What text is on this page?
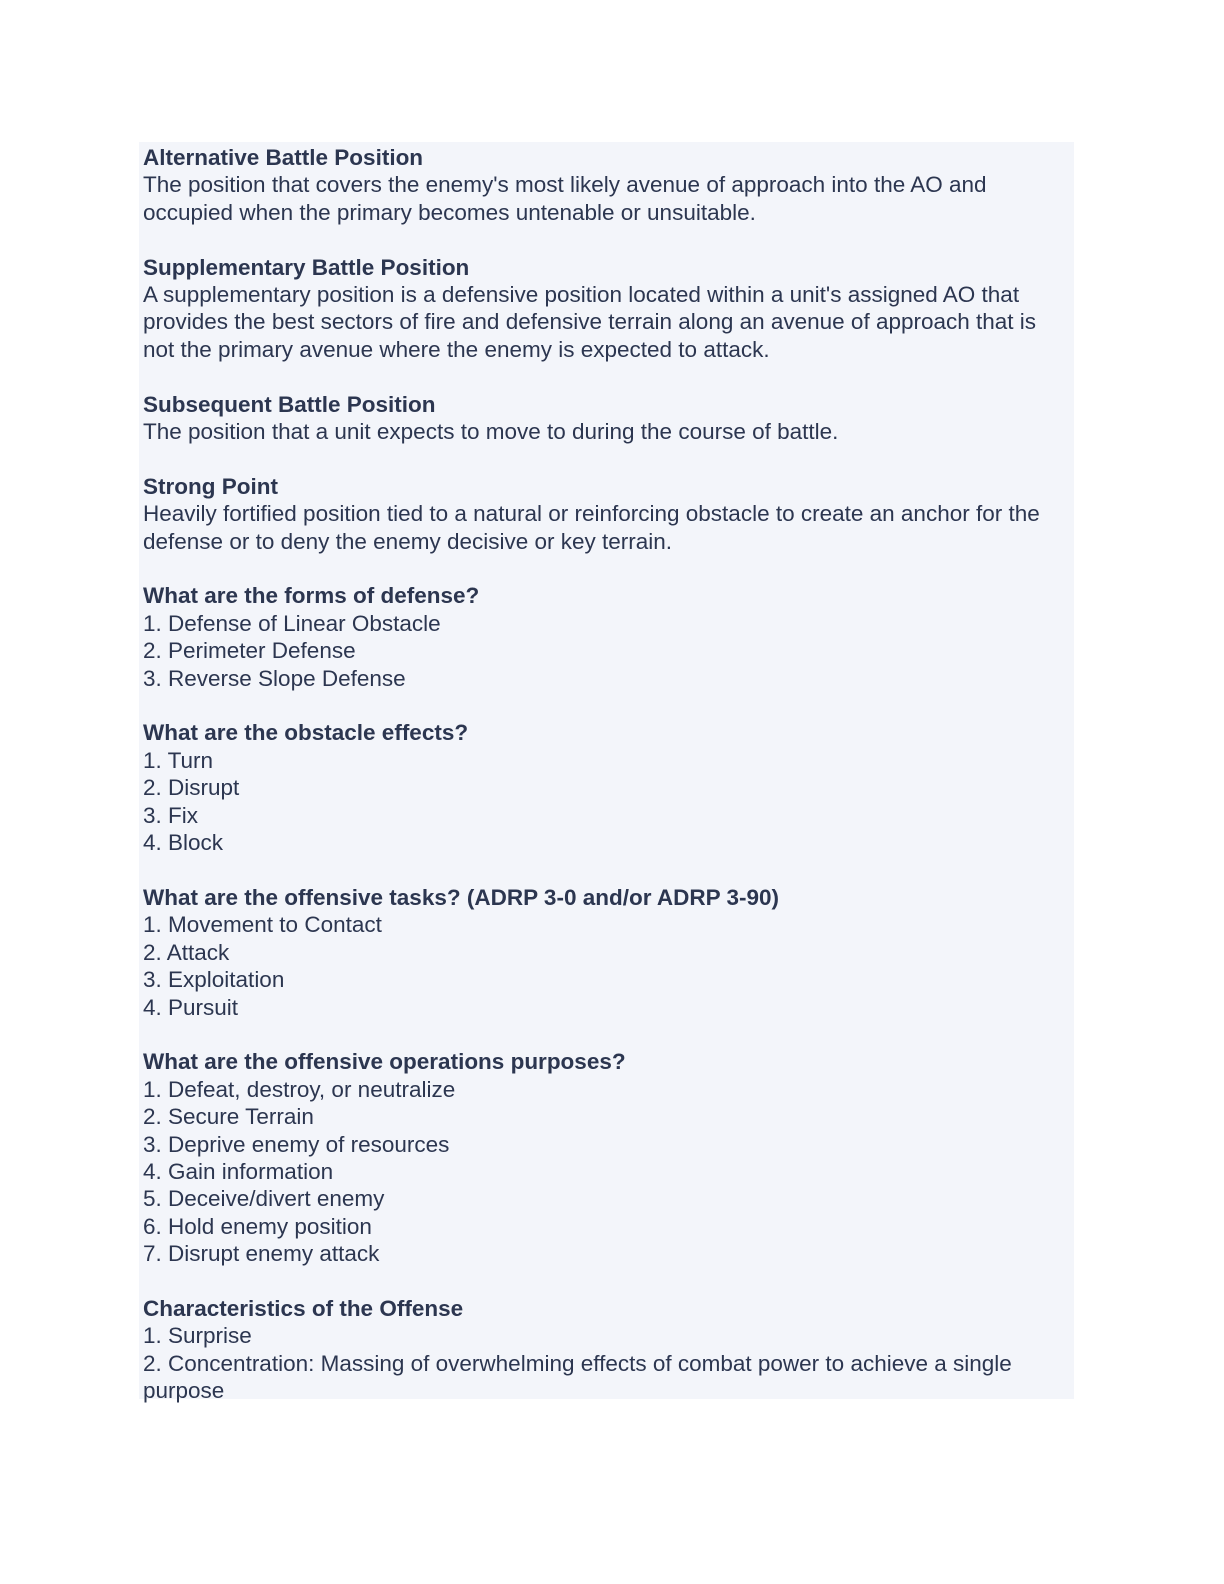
Alternative Battle Position

The position that covers the enemy's most likely avenue of approach into the AO and occupied when the primary becomes untenable or unsuitable.

Supplementary Battle Position

A supplementary position is a defensive position located within a unit's assigned AO that provides the best sectors of fire and defensive terrain along an avenue of approach that is not the primary avenue where the enemy is expected to attack.

Subsequent Battle Position

The position that a unit expects to move to during the course of battle.

Strong Point

Heavily fortified position tied to a natural or reinforcing obstacle to create an anchor for the defense or to deny the enemy decisive or key terrain.

What are the forms of defense?

1. Defense of Linear Obstacle
2. Perimeter Defense
3. Reverse Slope Defense

What are the obstacle effects?

1. Turn
2. Disrupt
3. Fix
4. Block

What are the offensive tasks? (ADRP 3-0 and/or ADRP 3-90)

1. Movement to Contact
2. Attack
3. Exploitation
4. Pursuit

What are the offensive operations purposes?

1. Defeat, destroy, or neutralize
2. Secure Terrain
3. Deprive enemy of resources
4. Gain information
5. Deceive/divert enemy
6. Hold enemy position
7. Disrupt enemy attack

Characteristics of the Offense

1. Surprise
2. Concentration: Massing of overwhelming effects of combat power to achieve a single purpose
